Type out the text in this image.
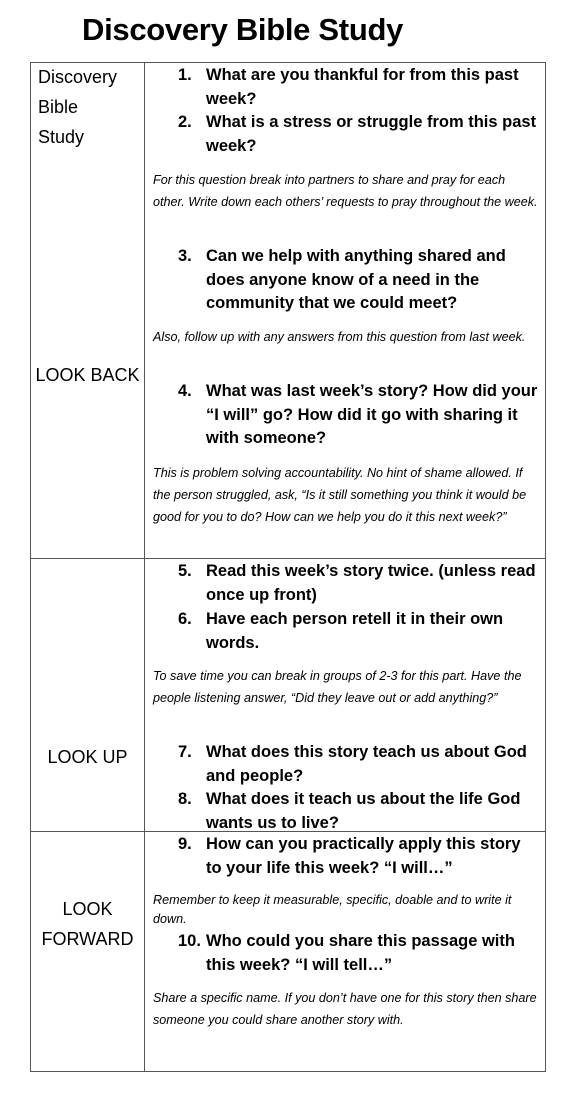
Discovery Bible Study
Discovery
Bible
Study
LOOK BACK
LOOK UP
LOOK
FORWARD
1. What are you thankful for from this past week?
2. What is a stress or struggle from this past week?
For this question break into partners to share and pray for each other. Write down each others’ requests to pray throughout the week.
3. Can we help with anything shared and does anyone know of a need in the community that we could meet?
Also, follow up with any answers from this question from last week.
4. What was last week’s story? How did your “I will” go? How did it go with sharing it with someone?
This is problem solving accountability. No hint of shame allowed. If the person struggled, ask, “Is it still something you think it would be good for you to do? How can we help you do it this next week?”
5. Read this week’s story twice. (unless read once up front)
6. Have each person retell it in their own words.
To save time you can break in groups of 2-3 for this part. Have the people listening answer, “Did they leave out or add anything?”
7. What does this story teach us about God and people?
8. What does it teach us about the life God wants us to live?
9. How can you practically apply this story to your life this week? “I will…”
Remember to keep it measurable, specific, doable and to write it down.
10. Who could you share this passage with this week? “I will tell…”
Share a specific name. If you don’t have one for this story then share someone you could share another story with.
